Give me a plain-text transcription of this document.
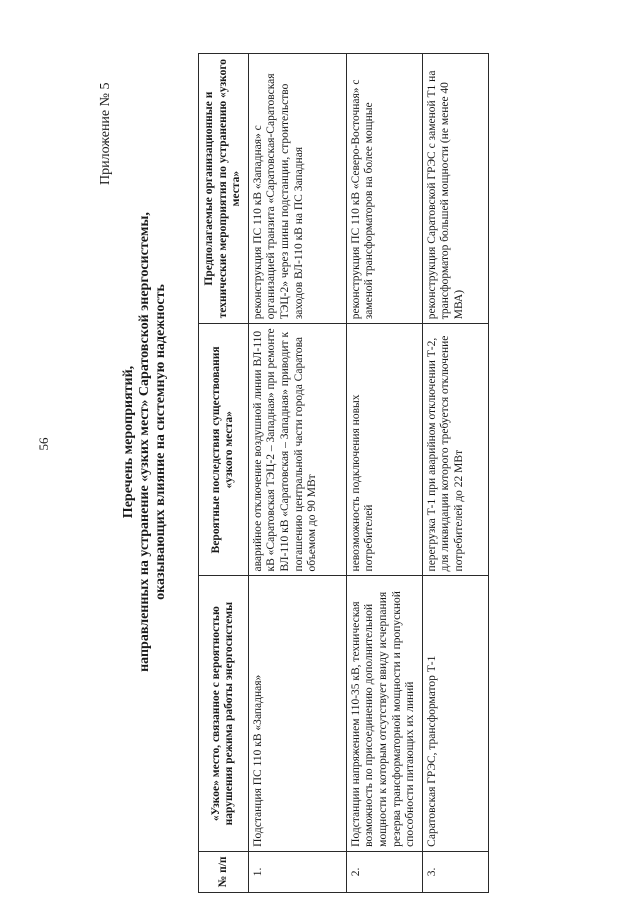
56
Приложение № 5
Перечень мероприятий, направленных на устранение «узких мест» Саратовской энергосистемы, оказывающих влияние на системную надежность
№ п/п	«Узкое» место, связанное с вероятностью нарушения режима работы энергосистемы	Вероятные последствия существования «узкого места»	Предполагаемые организационные и технические мероприятия по устранению «узкого места»
1.	Подстанция ПС 110 кВ «Западная»	аварийное отключение воздушной линии ВЛ-110 кВ «Саратовская ТЭЦ-2 – Западная» при ремонте ВЛ-110 кВ «Саратовская – Западная» приводит к погашению центральной части города Саратова объемом до 90 МВт	реконструкция ПС 110 кВ «Западная» с организацией транзита «Саратовская-Саратовская ТЭЦ-2» через шины подстанции, строительство заходов ВЛ-110 кВ на ПС Западная
2.	Подстанции напряжением 110-35 кВ, техническая возможность по присоединению дополнительной мощности к которым отсутствует ввиду исчерпания резерва трансформаторной мощности и пропускной способности питающих их линий	невозможность подключения новых потребителей	реконструкция ПС 110 кВ «Северо-Восточная» с заменой трансформаторов на более мощные
3.	Саратовская ГРЭС, трансформатор Т-1	перегрузка Т-1 при аварийном отключении Т-2, для ликвидации которого требуется отключение потребителей до 22 МВт	реконструкция Саратовской ГРЭС с заменой Т1 на трансформатор большей мощности (не менее 40 МВА)
